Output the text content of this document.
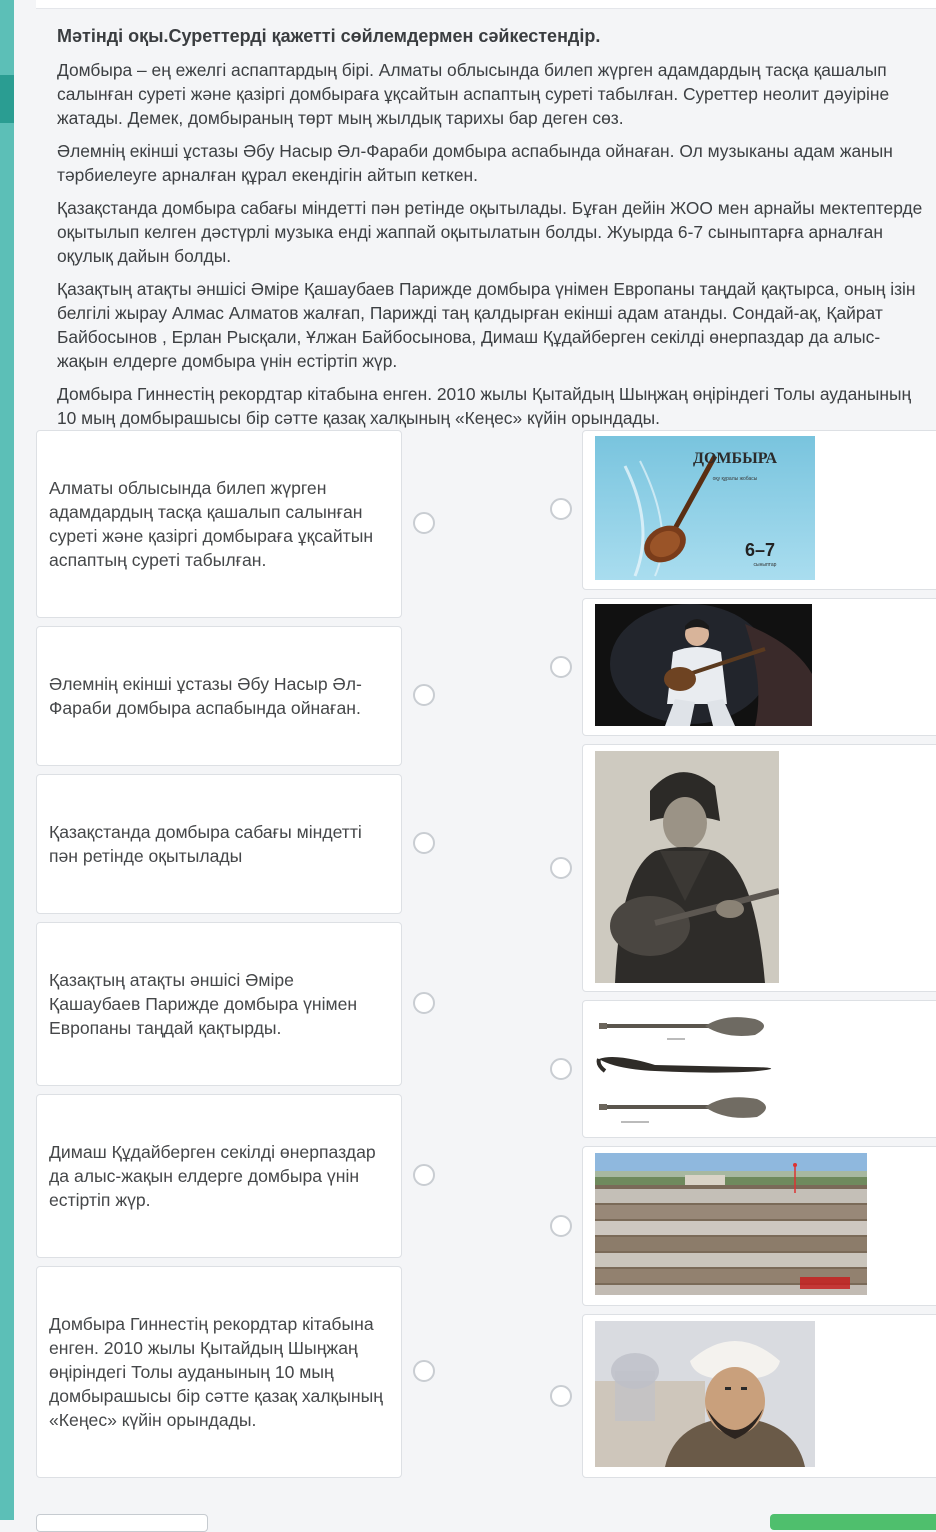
Мәтінді оқы.Суреттерді қажетті сөйлемдермен сәйкестендір.

Домбыра – ең ежелгі аспаптардың бірі. Алматы облысында билеп жүрген адамдардың тасқа қашалып салынған суреті және қазіргі домбыраға ұқсайтын аспаптың суреті табылған. Суреттер неолит дәуіріне жатады. Демек, домбыраның төрт мың жылдық тарихы бар деген сөз.

Әлемнің екінші ұстазы Әбу Насыр Әл-Фараби домбыра аспабында ойнаған. Ол музыканы адам жанын тәрбиелеуге арналған құрал екендігін айтып кеткен.

Қазақстанда домбыра сабағы міндетті пән ретінде оқытылады. Бұған дейін ЖОО мен арнайы мектептерде оқытылып келген дәстүрлі музыка енді жаппай оқытылатын болды. Жуырда 6-7 сыныптарға арналған оқулық дайын болды.

Қазақтың атақты әншісі Әміре Қашаубаев Парижде домбыра үнімен Европаны таңдай қақтырса, оның ізін белгілі жырау Алмас Алматов жалғап, Парижді таң қалдырған екінші адам атанды. Сондай-ақ, Қайрат Байбосынов , Ерлан Рысқали, Ұлжан Байбосынова, Димаш Құдайберген секілді өнерпаздар да алыс-жақын елдерге домбыра үнін естіртіп жүр.

Домбыра Гиннестің рекордтар кітабына енген. 2010 жылы Қытайдың Шыңжаң өңіріндегі Толы ауданының 10 мың домбырашысы бір сәтте қазақ халқының «Кеңес» күйін орындады.

Алматы облысында билеп жүрген адамдардың тасқа қашалып салынған суреті және қазіргі домбыраға ұқсайтын аспаптың суреті табылған.
Әлемнің екінші ұстазы Әбу Насыр Әл-Фараби домбыра аспабында ойнаған.
Қазақстанда домбыра сабағы міндетті пән ретінде оқытылады
Қазақтың атақты әншісі Әміре Қашаубаев Парижде домбыра үнімен Европаны таңдай қақтырды.
Димаш Құдайберген секілді өнерпаздар да алыс-жақын елдерге домбыра үнін естіртіп жүр.
Домбыра Гиннестің рекордтар кітабына енген. 2010 жылы Қытайдың Шыңжаң өңіріндегі Толы ауданының 10 мың домбырашысы бір сәтте қазақ халқының «Кеңес» күйін орындады.
ДОМБЫРА
оқу құралы жобасы
6–7
сыныптар
